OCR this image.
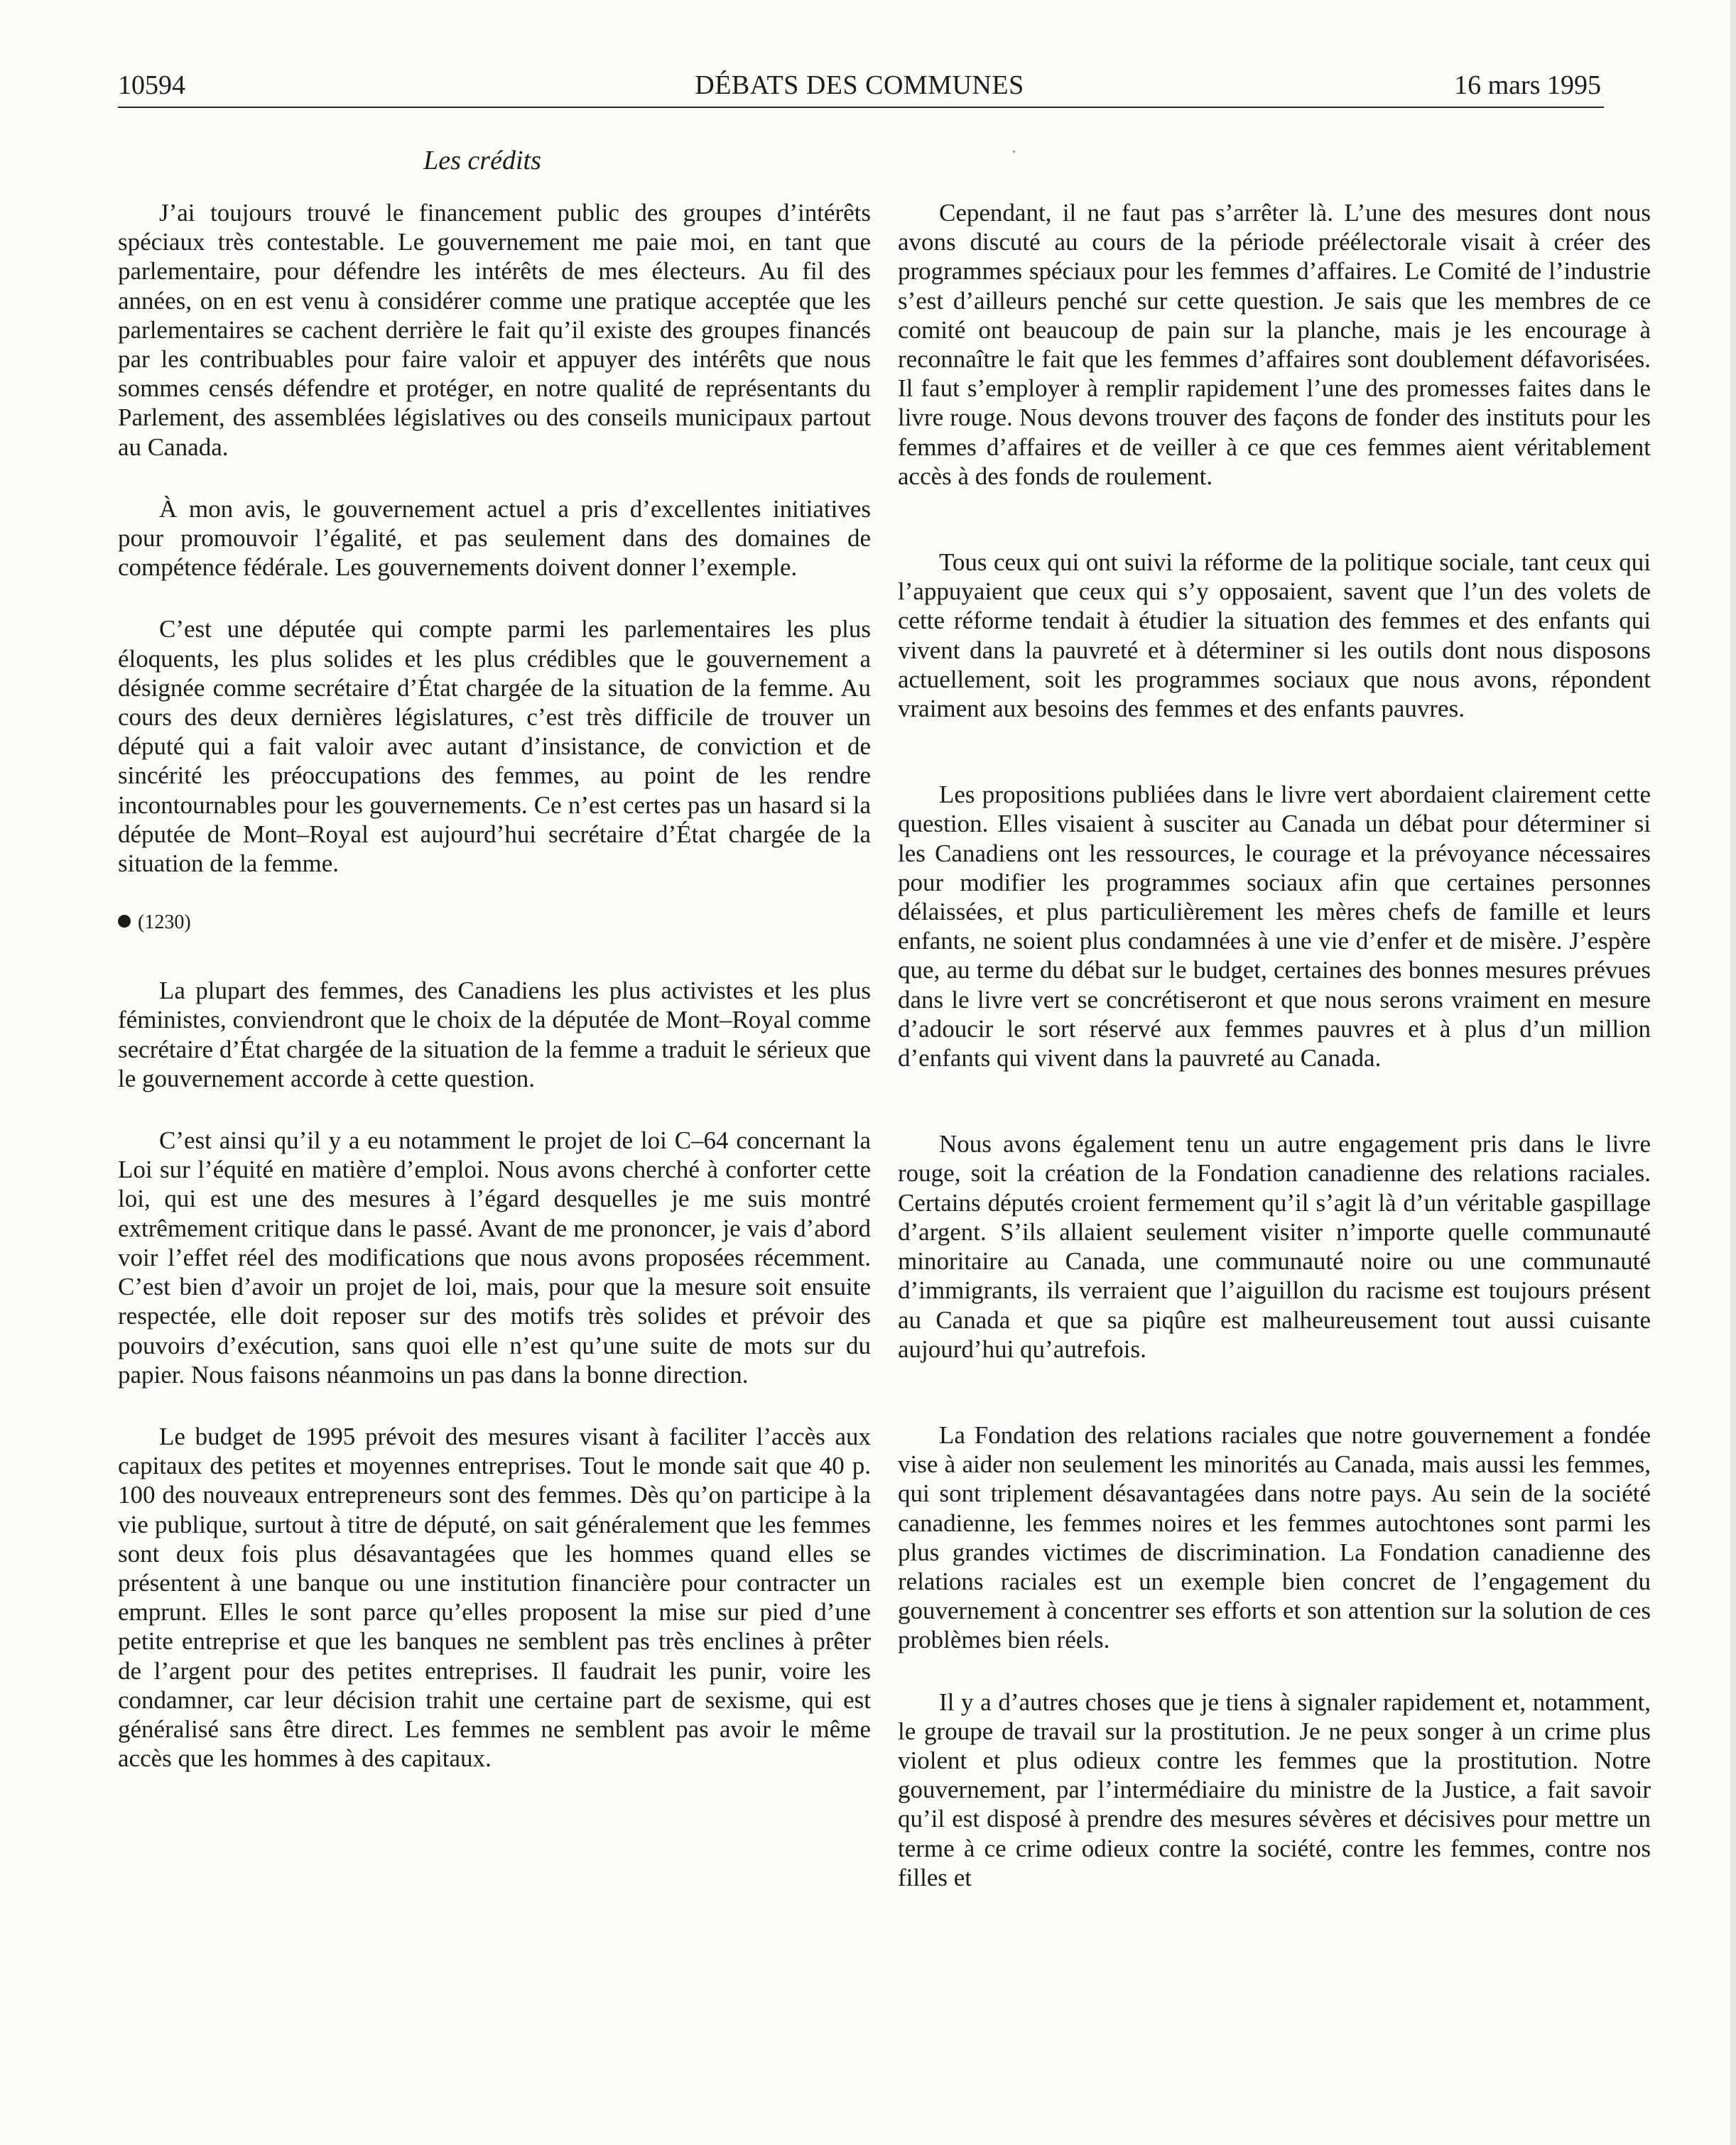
10594	DÉBATS DES COMMUNES	16 mars 1995
Les crédits

J’ai toujours trouvé le financement public des groupes d’intérêts spéciaux très contestable. Le gouvernement me paie moi, en tant que parlementaire, pour défendre les intérêts de mes électeurs. Au fil des années, on en est venu à considérer comme une pratique acceptée que les parlementaires se cachent derrière le fait qu’il existe des groupes financés par les contribuables pour faire valoir et appuyer des intérêts que nous sommes censés défendre et protéger, en notre qualité de représentants du Parlement, des assemblées législatives ou des conseils municipaux partout au Canada.

À mon avis, le gouvernement actuel a pris d’excellentes initiatives pour promouvoir l’égalité, et pas seulement dans des domaines de compétence fédérale. Les gouvernements doivent donner l’exemple.

C’est une députée qui compte parmi les parlementaires les plus éloquents, les plus solides et les plus crédibles que le gouvernement a désignée comme secrétaire d’État chargée de la situation de la femme. Au cours des deux dernières législatures, c’est très difficile de trouver un député qui a fait valoir avec autant d’insistance, de conviction et de sincérité les préoccupations des femmes, au point de les rendre incontournables pour les gouvernements. Ce n’est certes pas un hasard si la députée de Mont–Royal est aujourd’hui secrétaire d’État chargée de la situation de la femme.

(1230)

La plupart des femmes, des Canadiens les plus activistes et les plus féministes, conviendront que le choix de la députée de Mont–Royal comme secrétaire d’État chargée de la situation de la femme a traduit le sérieux que le gouvernement accorde à cette question.

C’est ainsi qu’il y a eu notamment le projet de loi C–64 concernant la Loi sur l’équité en matière d’emploi. Nous avons cherché à conforter cette loi, qui est une des mesures à l’égard desquelles je me suis montré extrêmement critique dans le passé. Avant de me prononcer, je vais d’abord voir l’effet réel des modifications que nous avons proposées récemment. C’est bien d’avoir un projet de loi, mais, pour que la mesure soit ensuite respectée, elle doit reposer sur des motifs très solides et prévoir des pouvoirs d’exécution, sans quoi elle n’est qu’une suite de mots sur du papier. Nous faisons néanmoins un pas dans la bonne direction.

Le budget de 1995 prévoit des mesures visant à faciliter l’accès aux capitaux des petites et moyennes entreprises. Tout le monde sait que 40 p. 100 des nouveaux entrepreneurs sont des femmes. Dès qu’on participe à la vie publique, surtout à titre de député, on sait généralement que les femmes sont deux fois plus désavantagées que les hommes quand elles se présentent à une banque ou une institution financière pour contracter un emprunt. Elles le sont parce qu’elles proposent la mise sur pied d’une petite entreprise et que les banques ne semblent pas très enclines à prêter de l’argent pour des petites entreprises. Il faudrait les punir, voire les condamner, car leur décision trahit une certaine part de sexisme, qui est généralisé sans être direct. Les femmes ne semblent pas avoir le même accès que les hommes à des capitaux.

Cependant, il ne faut pas s’arrêter là. L’une des mesures dont nous avons discuté au cours de la période préélectorale visait à créer des programmes spéciaux pour les femmes d’affaires. Le Comité de l’industrie s’est d’ailleurs penché sur cette question. Je sais que les membres de ce comité ont beaucoup de pain sur la planche, mais je les encourage à reconnaître le fait que les femmes d’affaires sont doublement défavorisées. Il faut s’employer à remplir rapidement l’une des promesses faites dans le livre rouge. Nous devons trouver des façons de fonder des instituts pour les femmes d’affaires et de veiller à ce que ces femmes aient véritablement accès à des fonds de roulement.

Tous ceux qui ont suivi la réforme de la politique sociale, tant ceux qui l’appuyaient que ceux qui s’y opposaient, savent que l’un des volets de cette réforme tendait à étudier la situation des femmes et des enfants qui vivent dans la pauvreté et à déterminer si les outils dont nous disposons actuellement, soit les programmes sociaux que nous avons, répondent vraiment aux besoins des femmes et des enfants pauvres.

Les propositions publiées dans le livre vert abordaient clairement cette question. Elles visaient à susciter au Canada un débat pour déterminer si les Canadiens ont les ressources, le courage et la prévoyance nécessaires pour modifier les programmes sociaux afin que certaines personnes délaissées, et plus particulièrement les mères chefs de famille et leurs enfants, ne soient plus condamnées à une vie d’enfer et de misère. J’espère que, au terme du débat sur le budget, certaines des bonnes mesures prévues dans le livre vert se concrétiseront et que nous serons vraiment en mesure d’adoucir le sort réservé aux femmes pauvres et à plus d’un million d’enfants qui vivent dans la pauvreté au Canada.

Nous avons également tenu un autre engagement pris dans le livre rouge, soit la création de la Fondation canadienne des relations raciales. Certains députés croient fermement qu’il s’agit là d’un véritable gaspillage d’argent. S’ils allaient seulement visiter n’importe quelle communauté minoritaire au Canada, une communauté noire ou une communauté d’immigrants, ils verraient que l’aiguillon du racisme est toujours présent au Canada et que sa piqûre est malheureusement tout aussi cuisante aujourd’hui qu’autrefois.

La Fondation des relations raciales que notre gouvernement a fondée vise à aider non seulement les minorités au Canada, mais aussi les femmes, qui sont triplement désavantagées dans notre pays. Au sein de la société canadienne, les femmes noires et les femmes autochtones sont parmi les plus grandes victimes de discrimination. La Fondation canadienne des relations raciales est un exemple bien concret de l’engagement du gouvernement à concentrer ses efforts et son attention sur la solution de ces problèmes bien réels.

Il y a d’autres choses que je tiens à signaler rapidement et, notamment, le groupe de travail sur la prostitution. Je ne peux songer à un crime plus violent et plus odieux contre les femmes que la prostitution. Notre gouvernement, par l’intermédiaire du ministre de la Justice, a fait savoir qu’il est disposé à prendre des mesures sévères et décisives pour mettre un terme à ce crime odieux contre la société, contre les femmes, contre nos filles et
